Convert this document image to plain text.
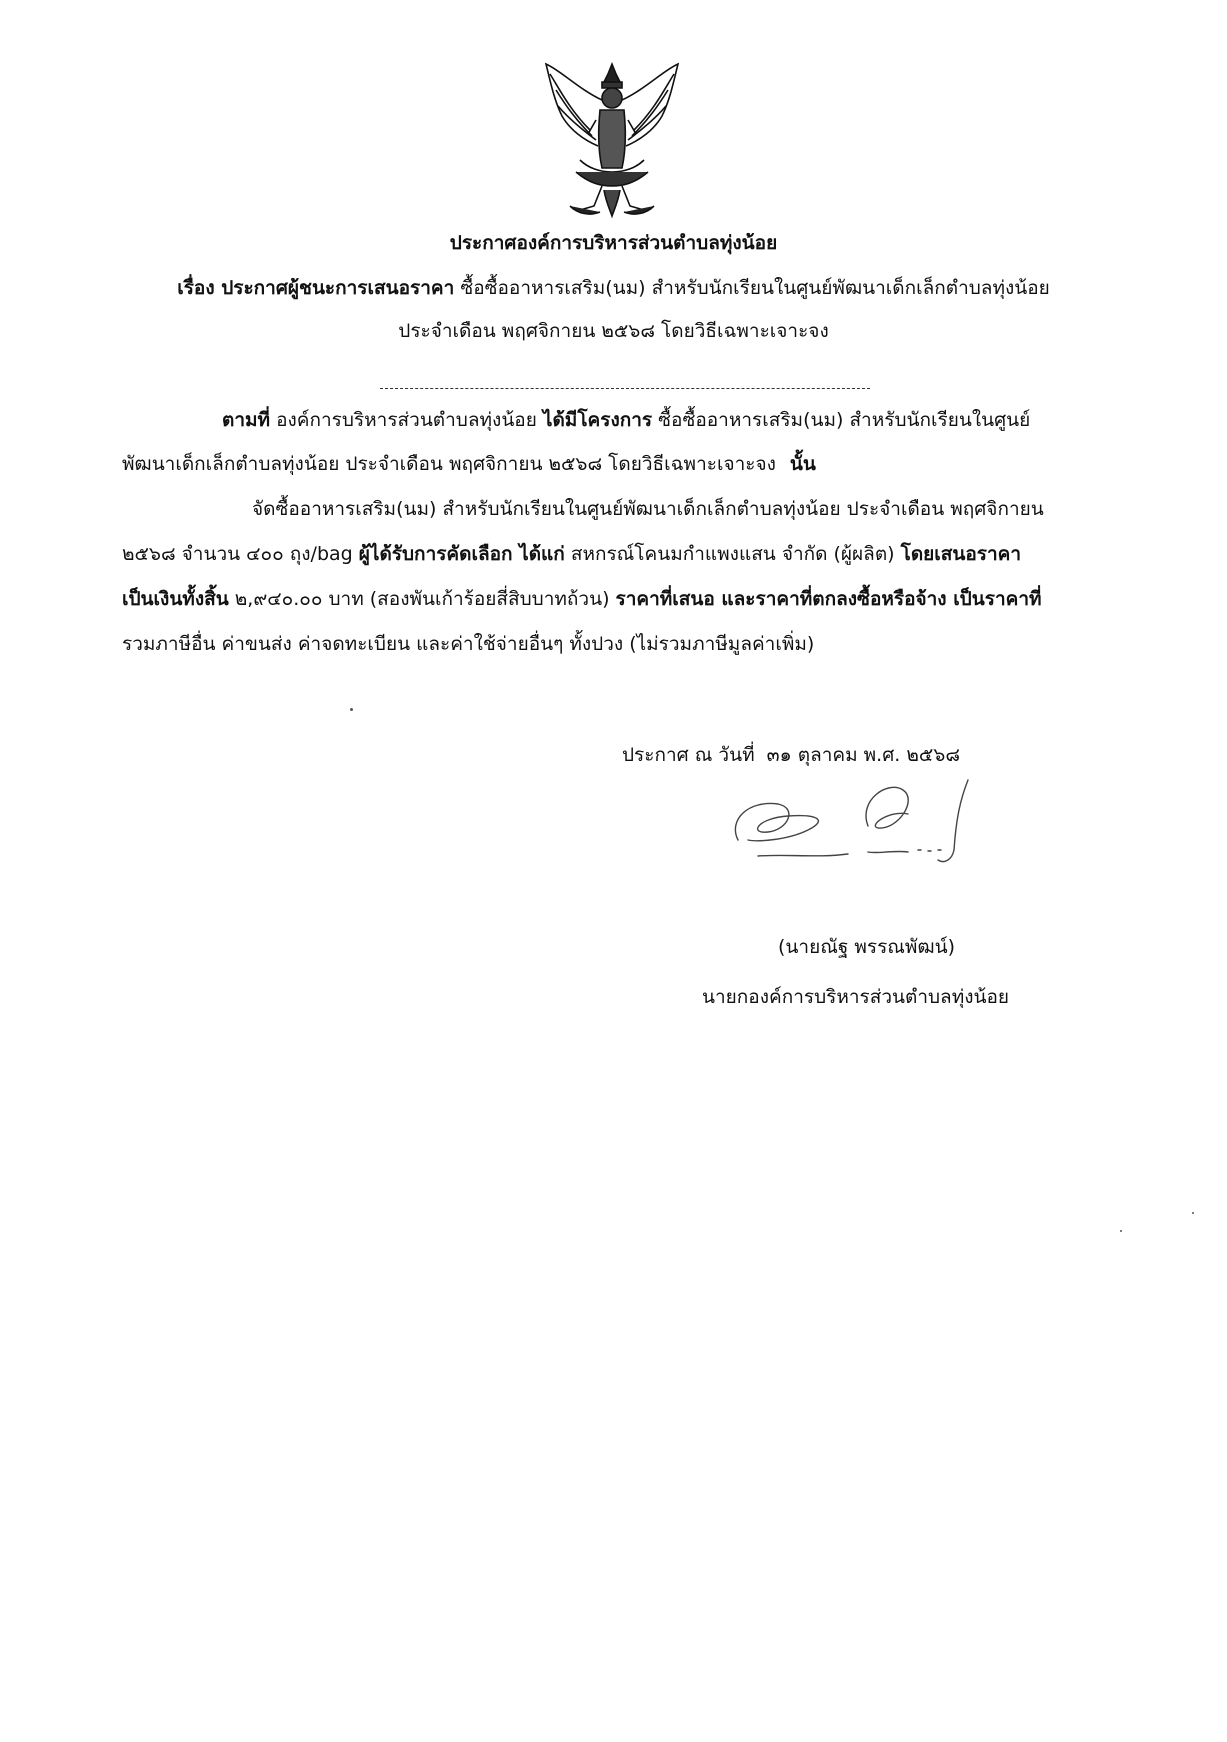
ประกาศองค์การบริหารส่วนตำบลทุ่งน้อย
เรื่อง ประกาศผู้ชนะการเสนอราคา ซื้อซื้ออาหารเสริม(นม) สำหรับนักเรียนในศูนย์พัฒนาเด็กเล็กตำบลทุ่งน้อย
ประจำเดือน พฤศจิกายน ๒๕๖๘ โดยวิธีเฉพาะเจาะจง
ตามที่ องค์การบริหารส่วนตำบลทุ่งน้อย ได้มีโครงการ ซื้อซื้ออาหารเสริม(นม) สำหรับนักเรียนในศูนย์
พัฒนาเด็กเล็กตำบลทุ่งน้อย ประจำเดือน พฤศจิกายน ๒๕๖๘ โดยวิธีเฉพาะเจาะจง นั้น
จัดซื้ออาหารเสริม(นม) สำหรับนักเรียนในศูนย์พัฒนาเด็กเล็กตำบลทุ่งน้อย ประจำเดือน พฤศจิกายน
๒๕๖๘ จำนวน ๔๐๐ ถุง/bag ผู้ได้รับการคัดเลือก ได้แก่ สหกรณ์โคนมกำแพงแสน จำกัด (ผู้ผลิต) โดยเสนอราคา
เป็นเงินทั้งสิ้น ๒,๙๔๐.๐๐ บาท (สองพันเก้าร้อยสี่สิบบาทถ้วน) ราคาที่เสนอ และราคาที่ตกลงซื้อหรือจ้าง เป็นราคาที่
รวมภาษีอื่น ค่าขนส่ง ค่าจดทะเบียน และค่าใช้จ่ายอื่นๆ ทั้งปวง (ไม่รวมภาษีมูลค่าเพิ่ม)
ประกาศ ณ วันที่ ๓๑ ตุลาคม พ.ศ. ๒๕๖๘
(นายณัฐ พรรณพัฒน์)
นายกองค์การบริหารส่วนตำบลทุ่งน้อย
